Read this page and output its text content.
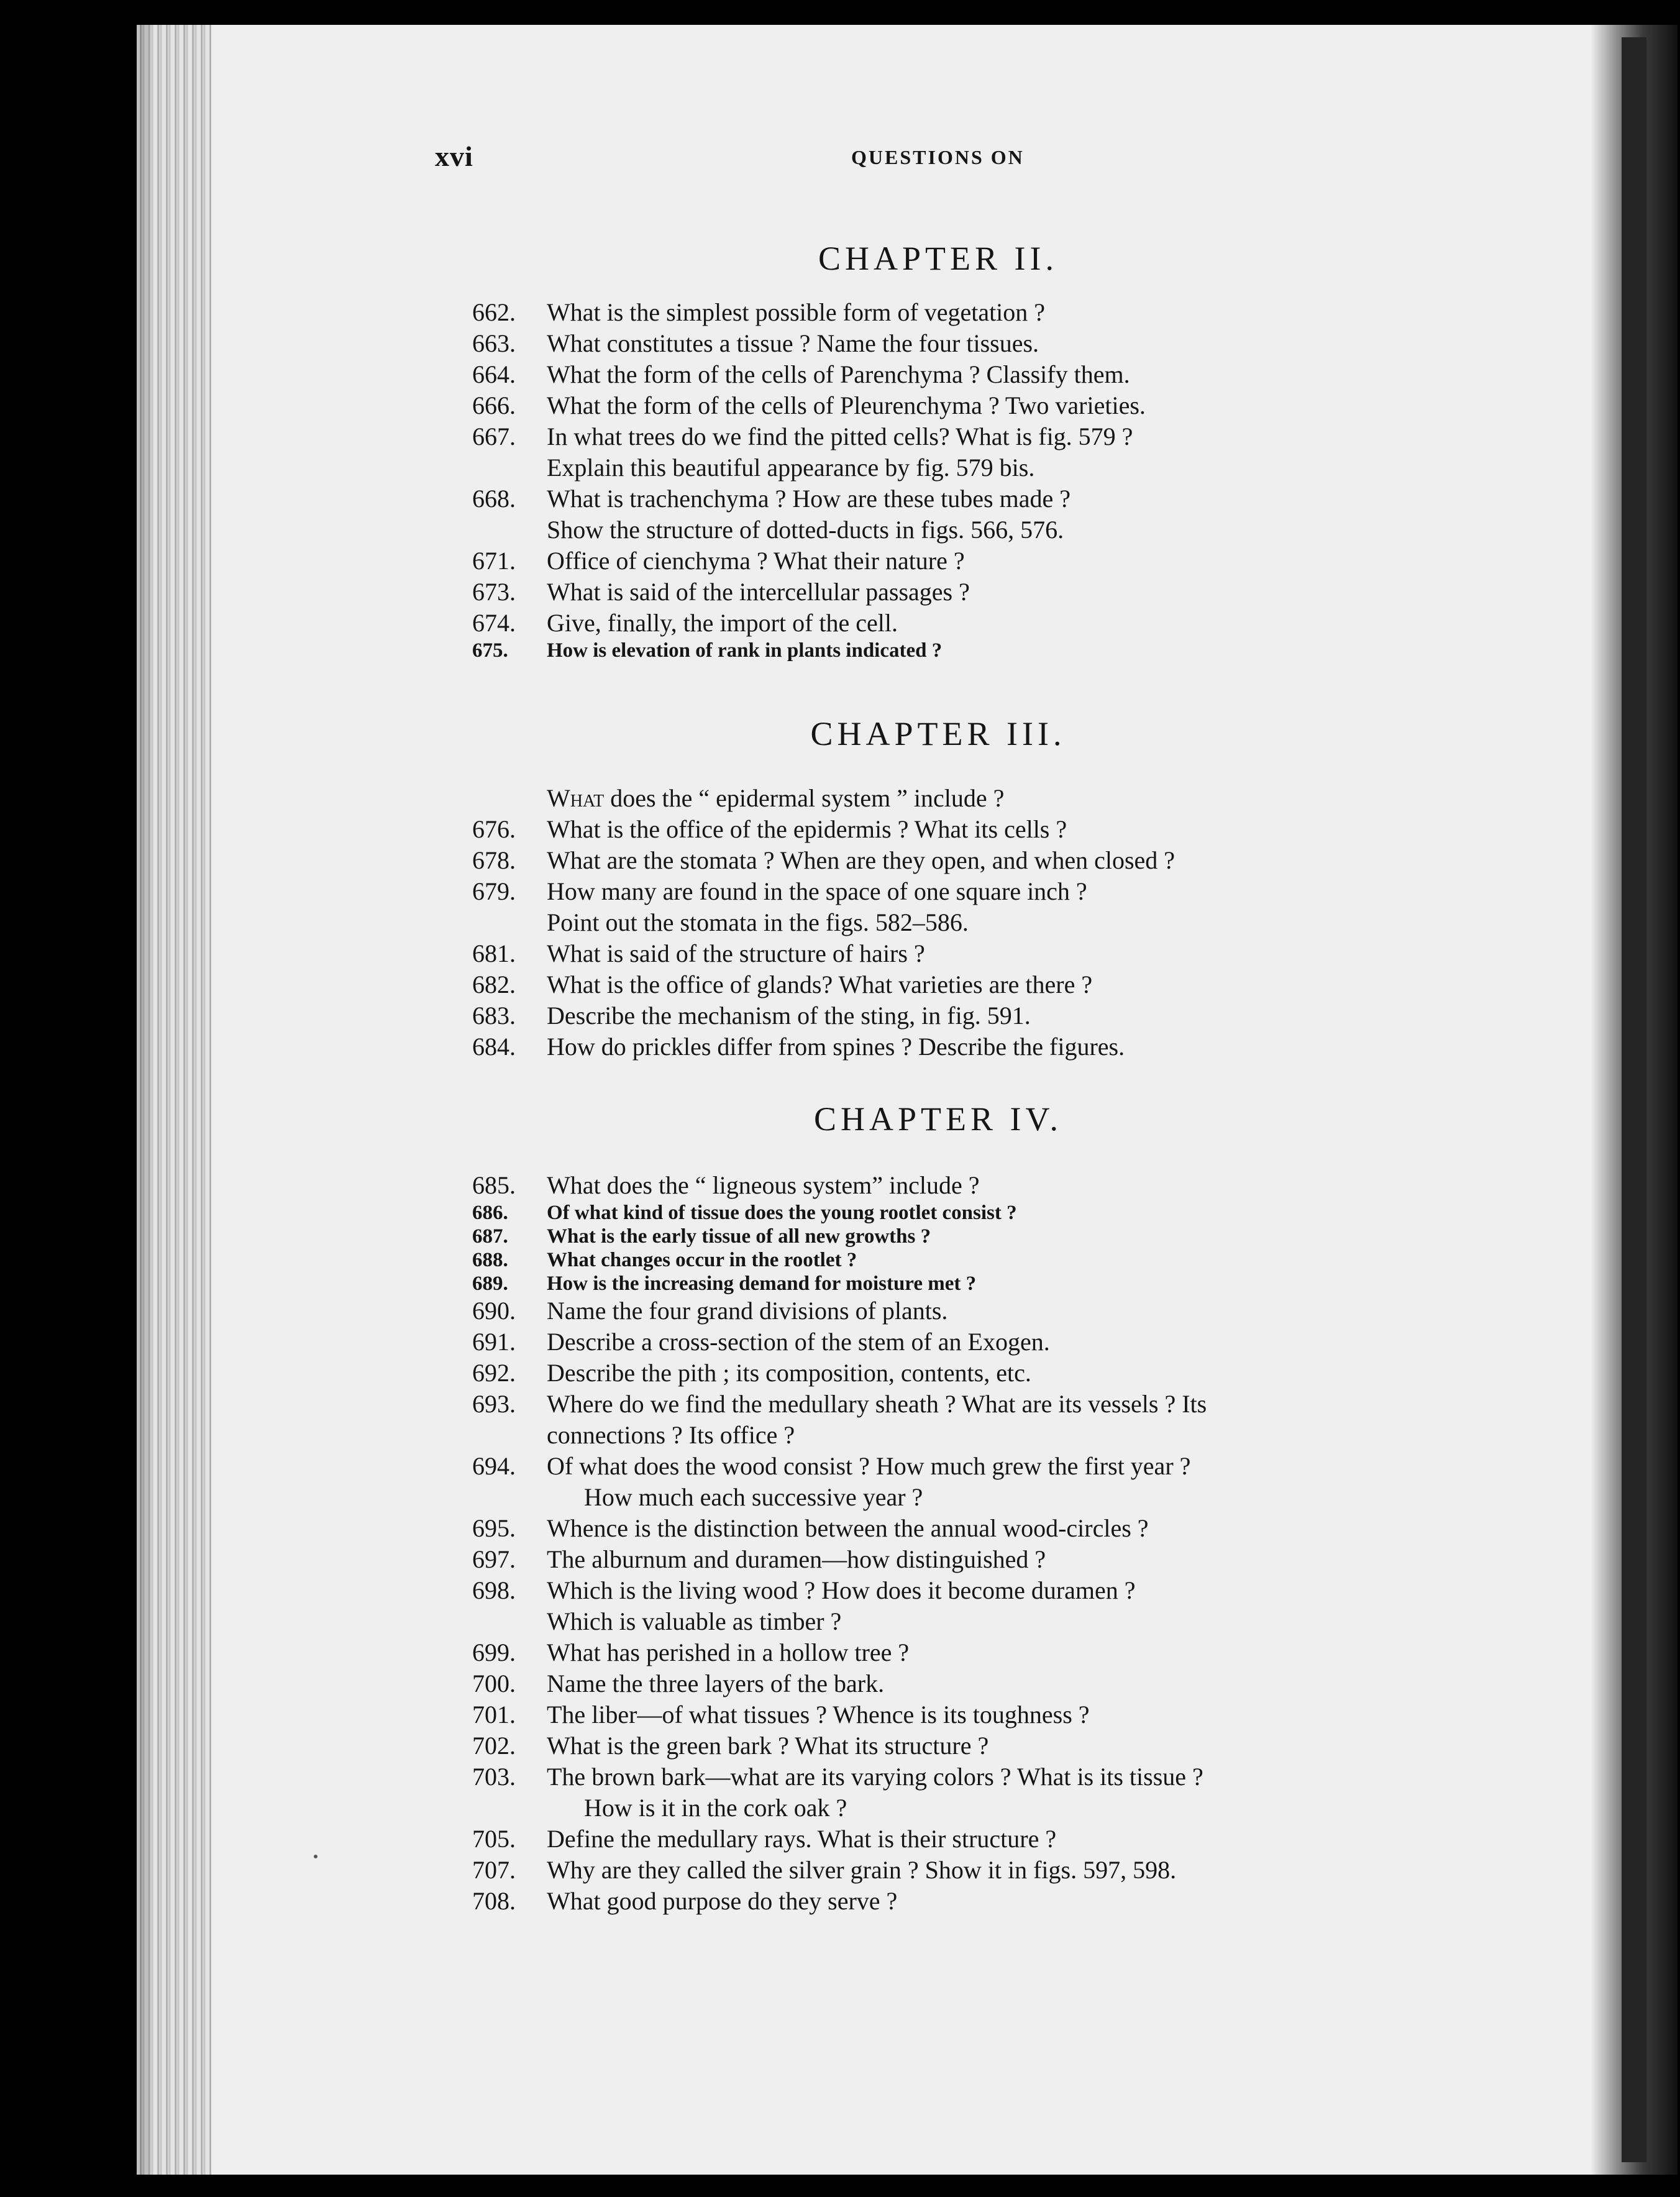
xvi	QUESTIONS ON
CHAPTER II.
662.	What is the simplest possible form of vegetation ?
663.	What constitutes a tissue ? Name the four tissues.
664.	What the form of the cells of Parenchyma ? Classify them.
666.	What the form of the cells of Pleurenchyma ? Two varieties.
667.	In what trees do we find the pitted cells? What is fig. 579 ?
Explain this beautiful appearance by fig. 579 bis.
668.	What is trachenchyma ? How are these tubes made ?
Show the structure of dotted-ducts in figs. 566, 576.
671.	Office of cienchyma ? What their nature ?
673.	What is said of the intercellular passages ?
674.	Give, finally, the import of the cell.
675.	How is elevation of rank in plants indicated ?
CHAPTER III.
What does the “ epidermal system ” include ?
676.	What is the office of the epidermis ? What its cells ?
678.	What are the stomata ? When are they open, and when closed ?
679.	How many are found in the space of one square inch ?
Point out the stomata in the figs. 582–586.
681.	What is said of the structure of hairs ?
682.	What is the office of glands? What varieties are there ?
683.	Describe the mechanism of the sting, in fig. 591.
684.	How do prickles differ from spines ? Describe the figures.
CHAPTER IV.
685.	What does the “ ligneous system” include ?
686.	Of what kind of tissue does the young rootlet consist ?
687.	What is the early tissue of all new growths ?
688.	What changes occur in the rootlet ?
689.	How is the increasing demand for moisture met ?
690.	Name the four grand divisions of plants.
691.	Describe a cross-section of the stem of an Exogen.
692.	Describe the pith ; its composition, contents, etc.
693.	Where do we find the medullary sheath ? What are its vessels ? Its
connections ? Its office ?
694.	Of what does the wood consist ? How much grew the first year ?
How much each successive year ?
695.	Whence is the distinction between the annual wood-circles ?
697.	The alburnum and duramen—how distinguished ?
698.	Which is the living wood ? How does it become duramen ?
Which is valuable as timber ?
699.	What has perished in a hollow tree ?
700.	Name the three layers of the bark.
701.	The liber—of what tissues ? Whence is its toughness ?
702.	What is the green bark ? What its structure ?
703.	The brown bark—what are its varying colors ? What is its tissue ?
How is it in the cork oak ?
705.	Define the medullary rays. What is their structure ?
707.	Why are they called the silver grain ? Show it in figs. 597, 598.
708.	What good purpose do they serve ?
